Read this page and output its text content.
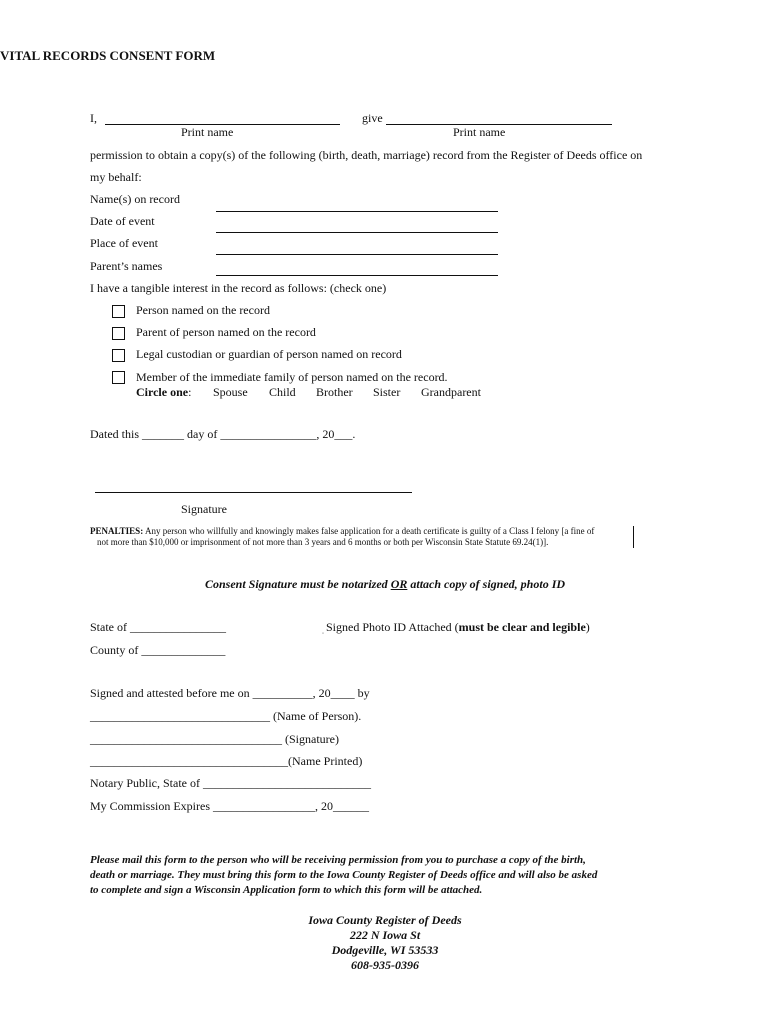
VITAL RECORDS CONSENT FORM
I,	give
Print name	Print name
permission to obtain a copy(s) of the following (birth, death, marriage) record from the Register of Deeds office on
my behalf:
Name(s) on record
Date of event
Place of event
Parent’s names
I have a tangible interest in the record as follows: (check one)
Person named on the record
Parent of person named on the record
Legal custodian or guardian of person named on record
Member of the immediate family of person named on the record.
Circle one: Spouse Child Brother Sister Grandparent
Dated this _______ day of ________________, 20___.
Signature
PENALTIES: Any person who willfully and knowingly makes false application for a death certificate is guilty of a Class I felony [a fine of
not more than $10,000 or imprisonment of not more than 3 years and 6 months or both per Wisconsin State Statute 69.24(1)].
Consent Signature must be notarized OR attach copy of signed, photo ID
State of ________________	ׅ Signed Photo ID Attached (must be clear and legible)
County of ______________
Signed and attested before me on __________, 20____ by
______________________________ (Name of Person).
________________________________ (Signature)
_________________________________(Name Printed)
Notary Public, State of ____________________________
My Commission Expires _________________, 20______
Please mail this form to the person who will be receiving permission from you to purchase a copy of the birth,
death or marriage. They must bring this form to the Iowa County Register of Deeds office and will also be asked
to complete and sign a Wisconsin Application form to which this form will be attached.
Iowa County Register of Deeds
222 N Iowa St
Dodgeville, WI 53533
608-935-0396
